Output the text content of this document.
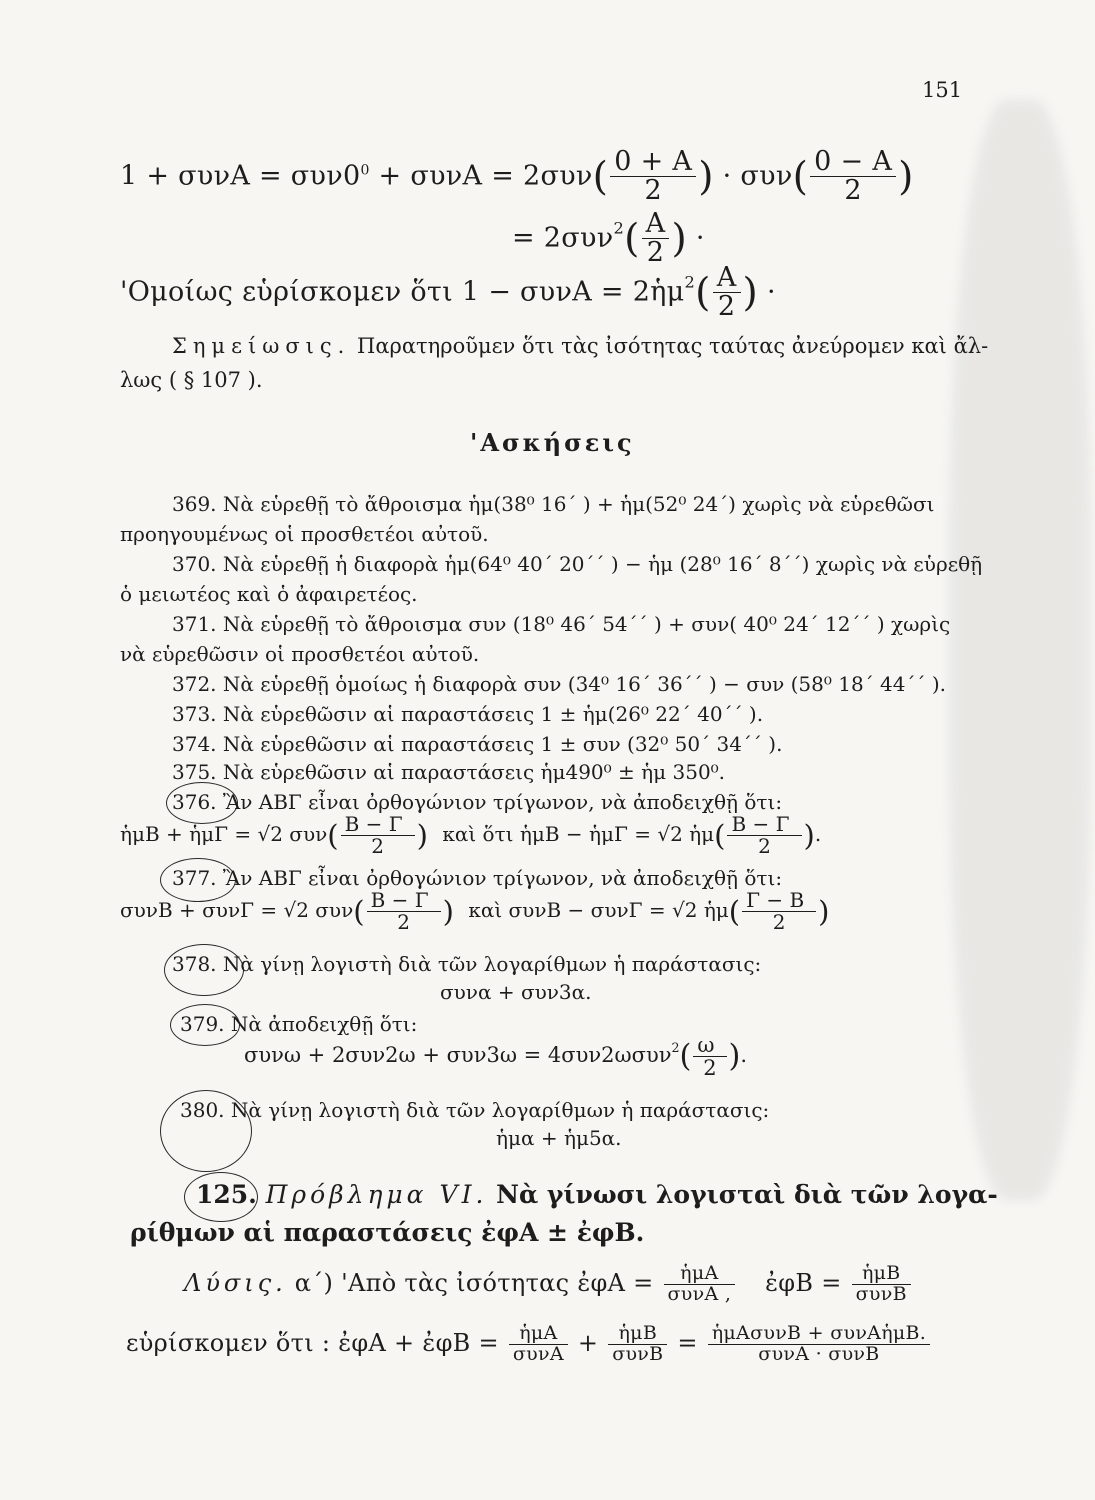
151
$1 + \sigma\upsilon\nu A = \sigma\upsilon\nu 0^0 + \sigma\upsilon\nu A = 2\sigma\upsilon\nu( \frac{0 + A}{2}$ ) · $\sigma\upsilon\nu( \frac{0 - A}{2}$ )
= $2\sigma\upsilon\nu^2( \frac{A}{2}$ ) ·
'Ομοίως εὑρίσκομεν ὅτι 1 − συνA = 2ἡμ$^2$( $\frac{A}{2}$ ) ·
Σημείωσις. Παρατηροῦμεν ὅτι τὰς ἰσότητας ταύτας ἀνεύρομεν καὶ ἄλ-
λως ( § 107 ).
'Ασκήσεις
369. Νὰ εὑρεθῇ τὸ ἄθροισμα ἡμ(38⁰ 16΄ ) + ἡμ(52⁰ 24΄) χωρὶς νὰ εὑρεθῶσι
προηγουμένως οἱ προσθετέοι αὐτοῦ.
370. Νὰ εὑρεθῇ ἡ διαφορὰ ἡμ(64⁰ 40΄ 20΄΄ ) − ἡμ (28⁰ 16΄ 8΄΄) χωρὶς νὰ εὑρεθῇ
ὁ μειωτέος καὶ ὁ ἀφαιρετέος.
371. Νὰ εὑρεθῇ τὸ ἄθροισμα συν (18⁰ 46΄ 54΄΄ ) + συν( 40⁰ 24΄ 12΄΄ ) χωρὶς
νὰ εὑρεθῶσιν οἱ προσθετέοι αὐτοῦ.
372. Νὰ εὑρεθῇ ὁμοίως ἡ διαφορὰ συν (34⁰ 16΄ 36΄΄ ) − συν (58⁰ 18΄ 44΄΄ ).
373. Νὰ εὑρεθῶσιν αἱ παραστάσεις 1 ± ἡμ(26⁰ 22΄ 40΄΄ ).
374. Νὰ εὑρεθῶσιν αἱ παραστάσεις 1 ± συν (32⁰ 50΄ 34΄΄ ).
375. Νὰ εὑρεθῶσιν αἱ παραστάσεις ἡμ490⁰ ± ἡμ 350⁰.
376. Ἂν ΑΒΓ εἶναι ὀρθογώνιον τρίγωνον, νὰ ἀποδειχθῇ ὅτι:
ἡμB + ἡμΓ = √2 $\sigma\upsilon\nu( \frac{B - \Gamma}{2}$ ) καὶ ὅτι ἡμB − ἡμΓ = √2 ἡμ( $\frac{B - \Gamma}{2}$ ).
377. Ἂν ΑΒΓ εἶναι ὀρθογώνιον τρίγωνον, νὰ ἀποδειχθῇ ὅτι:
συνB + συνΓ = √2 $\sigma\upsilon\nu( \frac{B - \Gamma}{2}$ ) καὶ συνB − συνΓ = √2 ἡμ( $\frac{\Gamma - B}{2}$ )
378. Νὰ γίνῃ λογιστὴ διὰ τῶν λογαρίθμων ἡ παράστασις:
συνα + συν3α.
379. Νὰ ἀποδειχθῇ ὅτι:
$\sigma\upsilon\nu\omega + 2\sigma\upsilon\nu 2\omega + \sigma\upsilon\nu 3\omega = 4\sigma\upsilon\nu 2\omega\sigma\upsilon\nu^2( \frac{\omega}{2}$ ).
380. Νὰ γίνῃ λογιστὴ διὰ τῶν λογαρίθμων ἡ παράστασις:
ἡμα + ἡμ5α.
125. Πρόβλημα VI. Νὰ γίνωσι λογισταὶ διὰ τῶν λογα-
ρίθμων αἱ παραστάσεις ἐφA ± ἐφB.
Λύσις. α΄) 'Απὸ τὰς ἰσότητας ἐφA = $\frac{\text{ἡμA}}{\text{συνA ,}}$ ἐφB = $\frac{\text{ἡμB}}{\text{συνB}}$
εὑρίσκομεν ὅτι : ἐφA + ἐφB = $\frac{\text{ἡμA}}{\text{συνA}} + \frac{\text{ἡμB}}{\text{συνB}} = \frac{\text{ἡμAσυνB + συνAἡμB.}}{\text{συνA · συνB}}$
